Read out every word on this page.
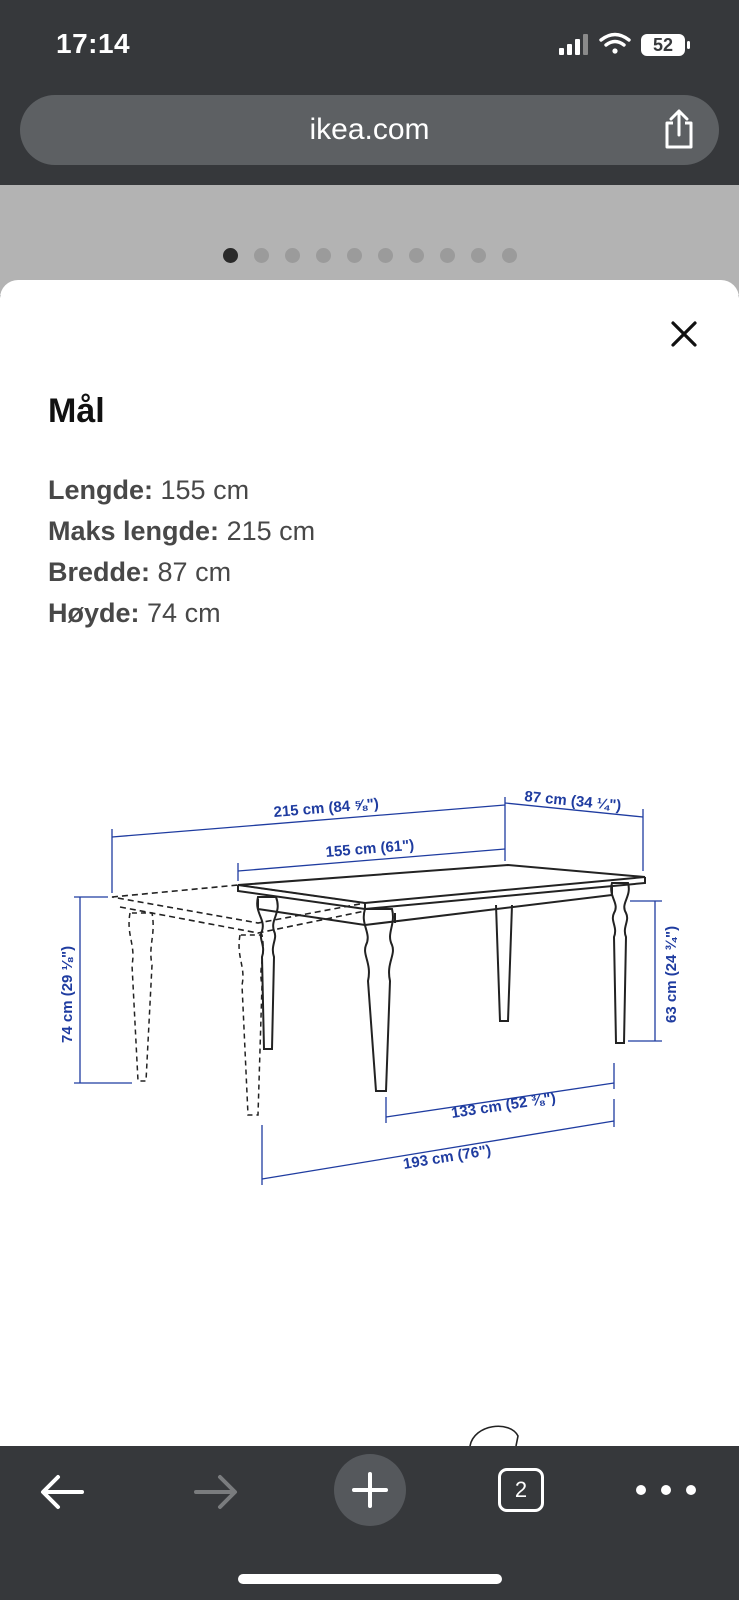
17:14	52
ikea.com
Mål
Lengde: 155 cm
Maks lengde: 215 cm
Bredde: 87 cm
Høyde: 74 cm
215 cm (84 ⅝")	87 cm (34 ¼")
155 cm (61")
74 cm (29 ⅛")	63 cm (24 ¾")
133 cm (52 ⅜")
193 cm (76")
2
